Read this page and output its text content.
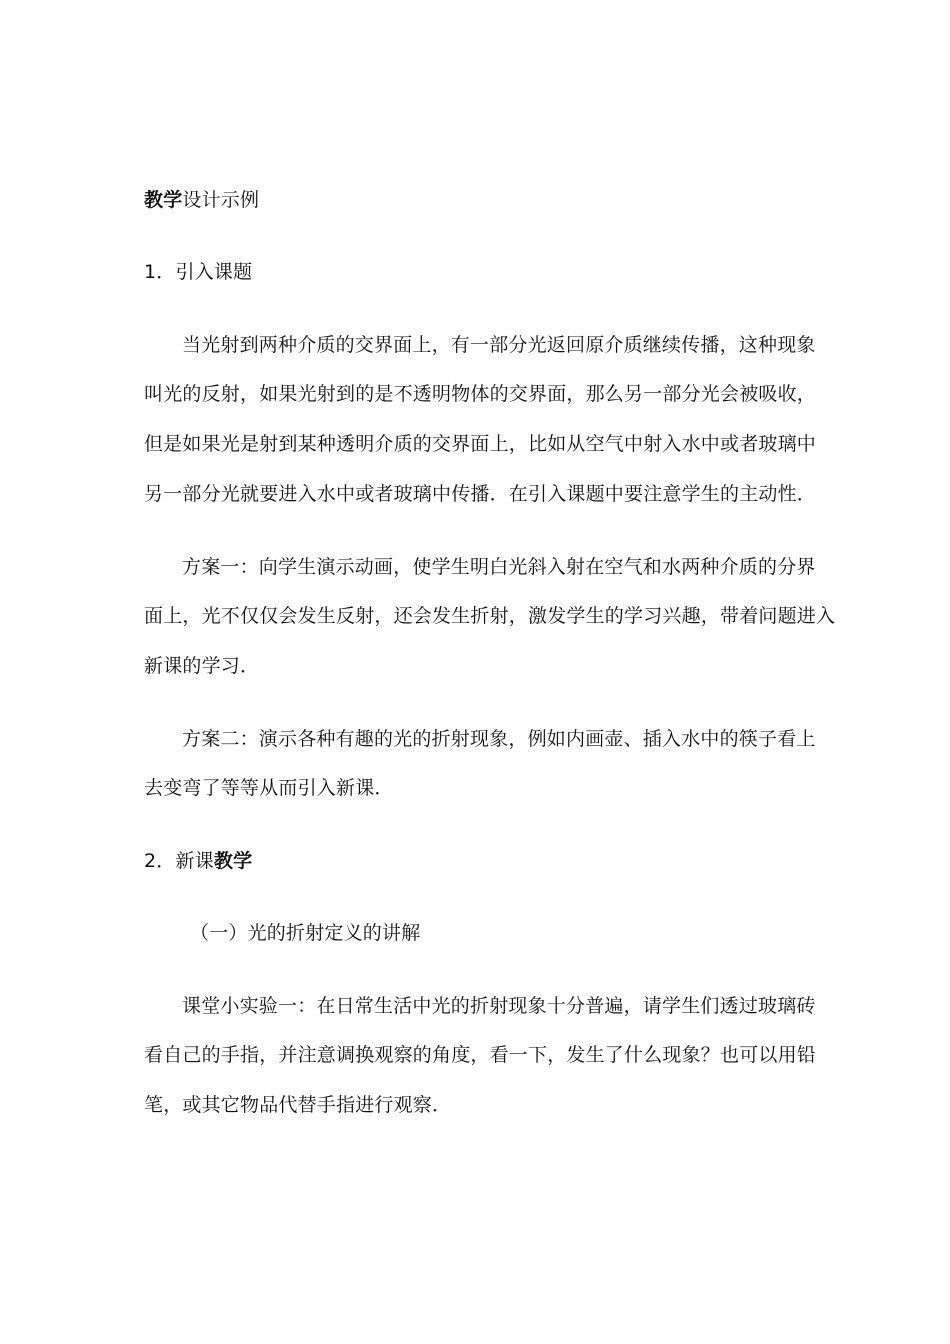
教学设计示例
1．引入课题
当光射到两种介质的交界面上，有一部分光返回原介质继续传播，这种现象
叫光的反射，如果光射到的是不透明物体的交界面，那么另一部分光会被吸收，
但是如果光是射到某种透明介质的交界面上，比如从空气中射入水中或者玻璃中
另一部分光就要进入水中或者玻璃中传播．在引入课题中要注意学生的主动性．
方案一：向学生演示动画，使学生明白光斜入射在空气和水两种介质的分界
面上，光不仅仅会发生反射，还会发生折射，激发学生的学习兴趣，带着问题进入
新课的学习．
方案二：演示各种有趣的光的折射现象，例如内画壶、插入水中的筷子看上
去变弯了等等从而引入新课．
2．新课教学
（一）光的折射定义的讲解
课堂小实验一：在日常生活中光的折射现象十分普遍，请学生们透过玻璃砖
看自己的手指，并注意调换观察的角度，看一下，发生了什么现象？也可以用铅
笔，或其它物品代替手指进行观察．
